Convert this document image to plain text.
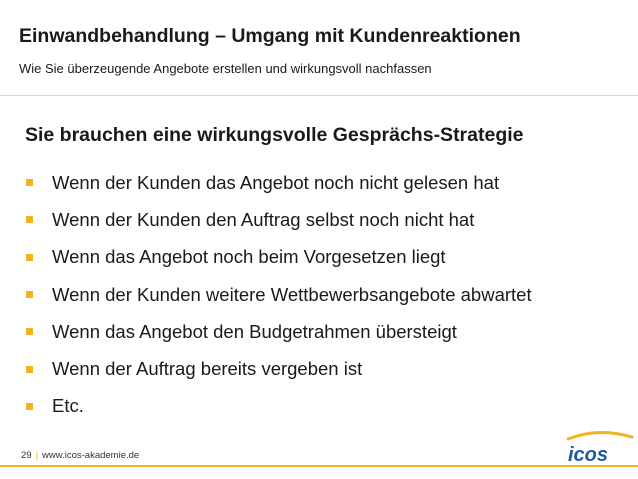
Einwandbehandlung – Umgang mit Kundenreaktionen
Wie Sie überzeugende Angebote erstellen und wirkungsvoll nachfassen
Sie brauchen eine wirkungsvolle Gesprächs-Strategie
Wenn der Kunden das Angebot noch nicht gelesen hat
Wenn der Kunden den Auftrag selbst noch nicht hat
Wenn das Angebot noch beim Vorgesetzen liegt
Wenn der Kunden weitere Wettbewerbsangebote abwartet
Wenn das Angebot den Budgetrahmen übersteigt
Wenn der Auftrag bereits vergeben ist
Etc.
29 | www.icos-akademie.de	icos
